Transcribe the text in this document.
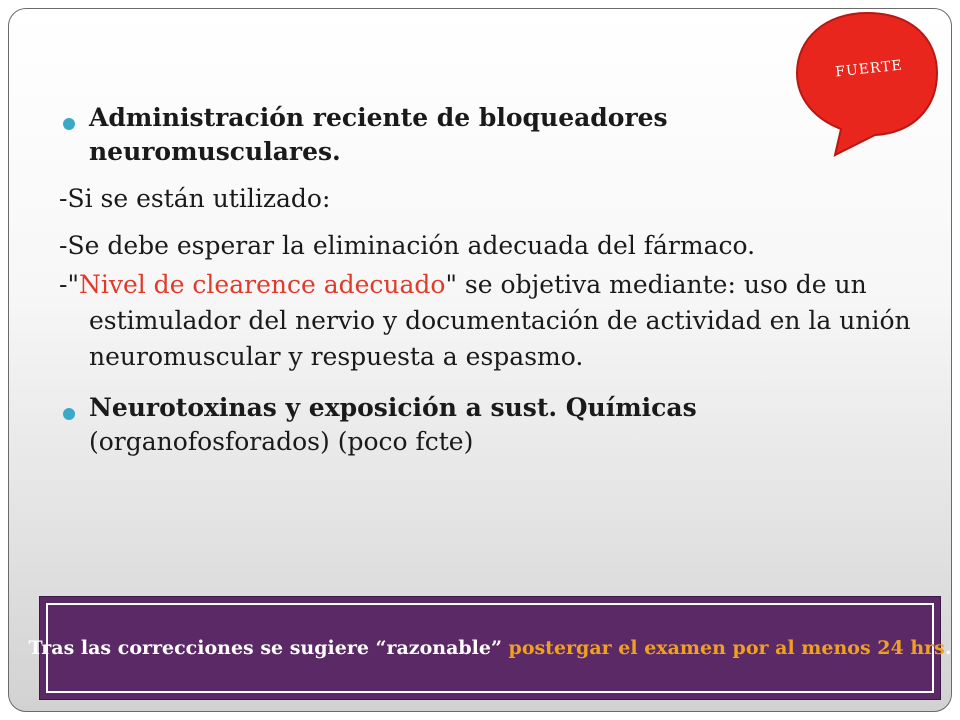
Administración reciente de bloqueadores
neuromusculares.
-Si se están utilizado:
-Se debe esperar la eliminación adecuada del fármaco.
-"Nivel de clearence adecuado" se objetiva mediante: uso de un estimulador del nervio y documentación de actividad en la unión neuromuscular y respuesta a espasmo.
Neurotoxinas y exposición a sust. Químicas
(organofosforados) (poco fcte)
FUERTE
Tras las correcciones se sugiere “razonable” postergar el examen por al menos 24 hrs.
